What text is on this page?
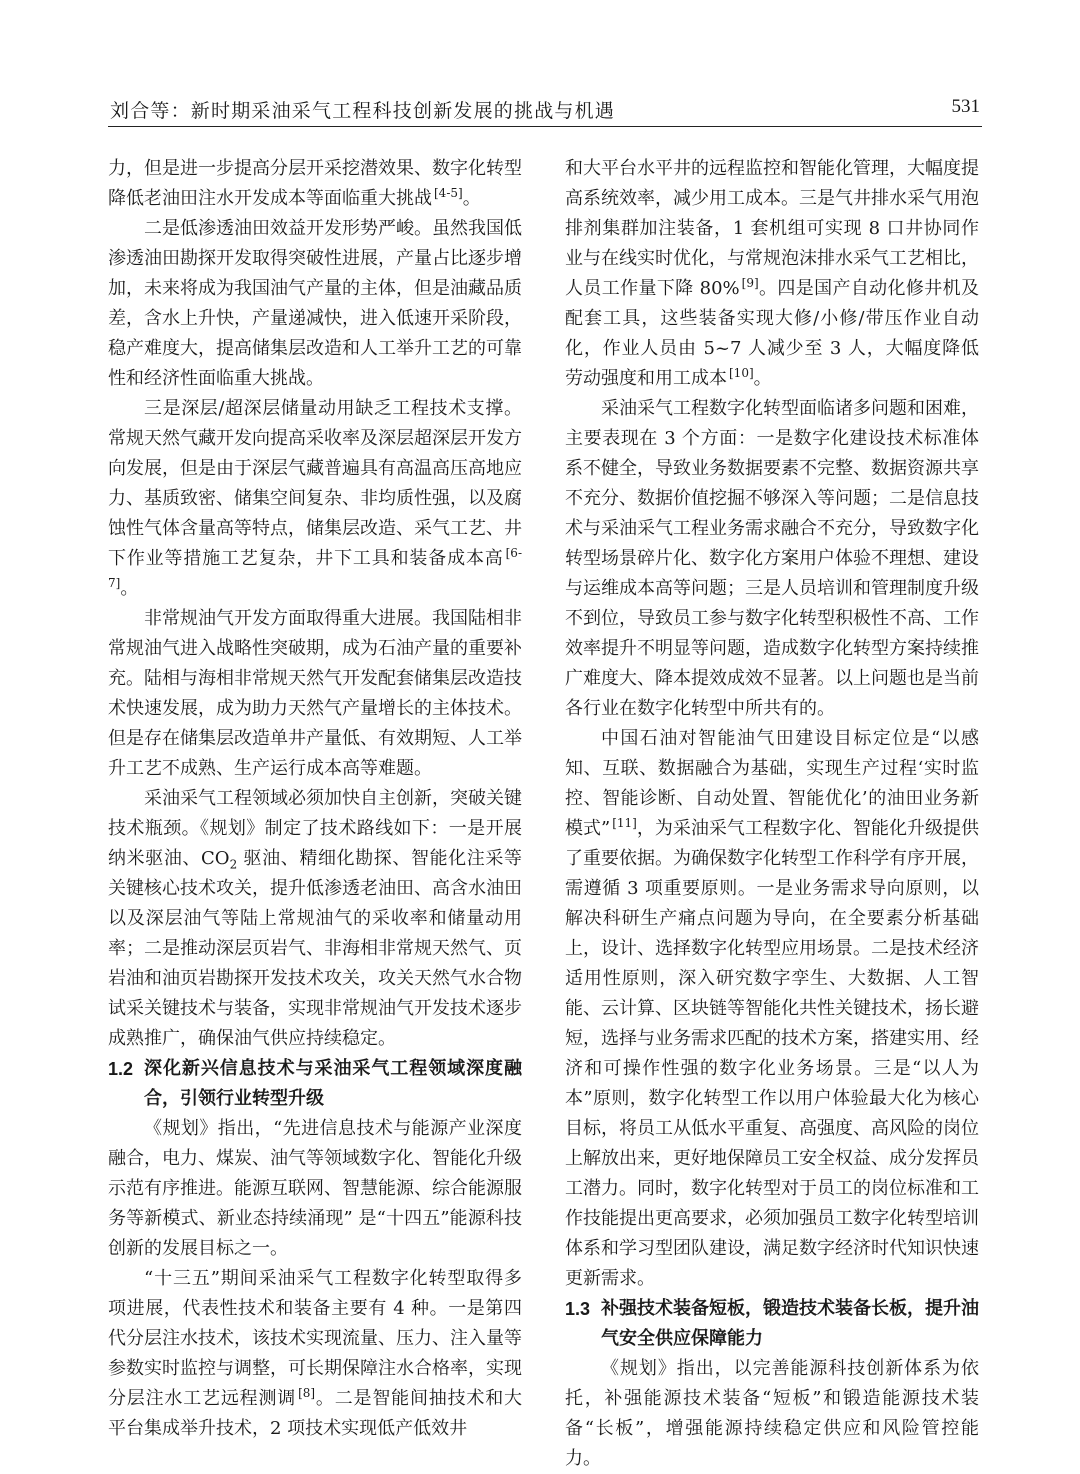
刘合等：新时期采油采气工程科技创新发展的挑战与机遇	531

力，但是进一步提高分层开采挖潜效果、数字化转型降低老油田注水开发成本等面临重大挑战 [4-5]。

二是低渗透油田效益开发形势严峻。虽然我国低渗透油田勘探开发取得突破性进展，产量占比逐步增加，未来将成为我国油气产量的主体，但是油藏品质差，含水上升快，产量递减快，进入低速开采阶段，稳产难度大，提高储集层改造和人工举升工艺的可靠性和经济性面临重大挑战。

三是深层/超深层储量动用缺乏工程技术支撑。常规天然气藏开发向提高采收率及深层超深层开发方向发展，但是由于深层气藏普遍具有高温高压高地应力、基质致密、储集空间复杂、非均质性强，以及腐蚀性气体含量高等特点，储集层改造、采气工艺、井下作业等措施工艺复杂，井下工具和装备成本高 [6-7]。

非常规油气开发方面取得重大进展。我国陆相非常规油气进入战略性突破期，成为石油产量的重要补充。陆相与海相非常规天然气开发配套储集层改造技术快速发展，成为助力天然气产量增长的主体技术。但是存在储集层改造单井产量低、有效期短、人工举升工艺不成熟、生产运行成本高等难题。

采油采气工程领域必须加快自主创新，突破关键技术瓶颈。《规划》制定了技术路线如下：一是开展纳米驱油、$CO_2$ 驱油、精细化勘探、智能化注采等关键核心技术攻关，提升低渗透老油田、高含水油田以及深层油气等陆上常规油气的采收率和储量动用率；二是推动深层页岩气、非海相非常规天然气、页岩油和油页岩勘探开发技术攻关，攻关天然气水合物试采关键技术与装备，实现非常规油气开发技术逐步成熟推广，确保油气供应持续稳定。

1.2 深化新兴信息技术与采油采气工程领域深度融合，引领行业转型升级

《规划》指出，“先进信息技术与能源产业深度融合，电力、煤炭、油气等领域数字化、智能化升级示范有序推进。能源互联网、智慧能源、综合能源服务等新模式、新业态持续涌现” 是“十四五”能源科技创新的发展目标之一。

“十三五”期间采油采气工程数字化转型取得多项进展，代表性技术和装备主要有 4 种。一是第四代分层注水技术，该技术实现流量、压力、注入量等参数实时监控与调整，可长期保障注水合格率，实现分层注水工艺远程测调 [8]。二是智能间抽技术和大平台集成举升技术，2 项技术实现低产低效井

和大平台水平井的远程监控和智能化管理，大幅度提高系统效率，减少用工成本。三是气井排水采气用泡排剂集群加注装备，1 套机组可实现 8 口井协同作业与在线实时优化，与常规泡沫排水采气工艺相比，人员工作量下降 80% [9]。四是国产自动化修井机及配套工具，这些装备实现大修/小修/带压作业自动化，作业人员由 5~7 人减少至 3 人，大幅度降低劳动强度和用工成本 [10]。

采油采气工程数字化转型面临诸多问题和困难，主要表现在 3 个方面：一是数字化建设技术标准体系不健全，导致业务数据要素不完整、数据资源共享不充分、数据价值挖掘不够深入等问题；二是信息技术与采油采气工程业务需求融合不充分，导致数字化转型场景碎片化、数字化方案用户体验不理想、建设与运维成本高等问题；三是人员培训和管理制度升级不到位，导致员工参与数字化转型积极性不高、工作效率提升不明显等问题，造成数字化转型方案持续推广难度大、降本提效成效不显著。以上问题也是当前各行业在数字化转型中所共有的。

中国石油对智能油气田建设目标定位是“以感知、互联、数据融合为基础，实现生产过程‘实时监控、智能诊断、自动处置、智能优化’的油田业务新模式” [11]，为采油采气工程数字化、智能化升级提供了重要依据。为确保数字化转型工作科学有序开展，需遵循 3 项重要原则。一是业务需求导向原则，以解决科研生产痛点问题为导向，在全要素分析基础上，设计、选择数字化转型应用场景。二是技术经济适用性原则，深入研究数字孪生、大数据、人工智能、云计算、区块链等智能化共性关键技术，扬长避短，选择与业务需求匹配的技术方案，搭建实用、经济和可操作性强的数字化业务场景。三是“以人为本”原则，数字化转型工作以用户体验最大化为核心目标，将员工从低水平重复、高强度、高风险的岗位上解放出来，更好地保障员工安全权益、成分发挥员工潜力。同时，数字化转型对于员工的岗位标准和工作技能提出更高要求，必须加强员工数字化转型培训体系和学习型团队建设，满足数字经济时代知识快速更新需求。

1.3 补强技术装备短板，锻造技术装备长板，提升油气安全供应保障能力

《规划》指出，以完善能源科技创新体系为依托，补强能源技术装备“短板”和锻造能源技术装备“长板”，增强能源持续稳定供应和风险管控能力。
